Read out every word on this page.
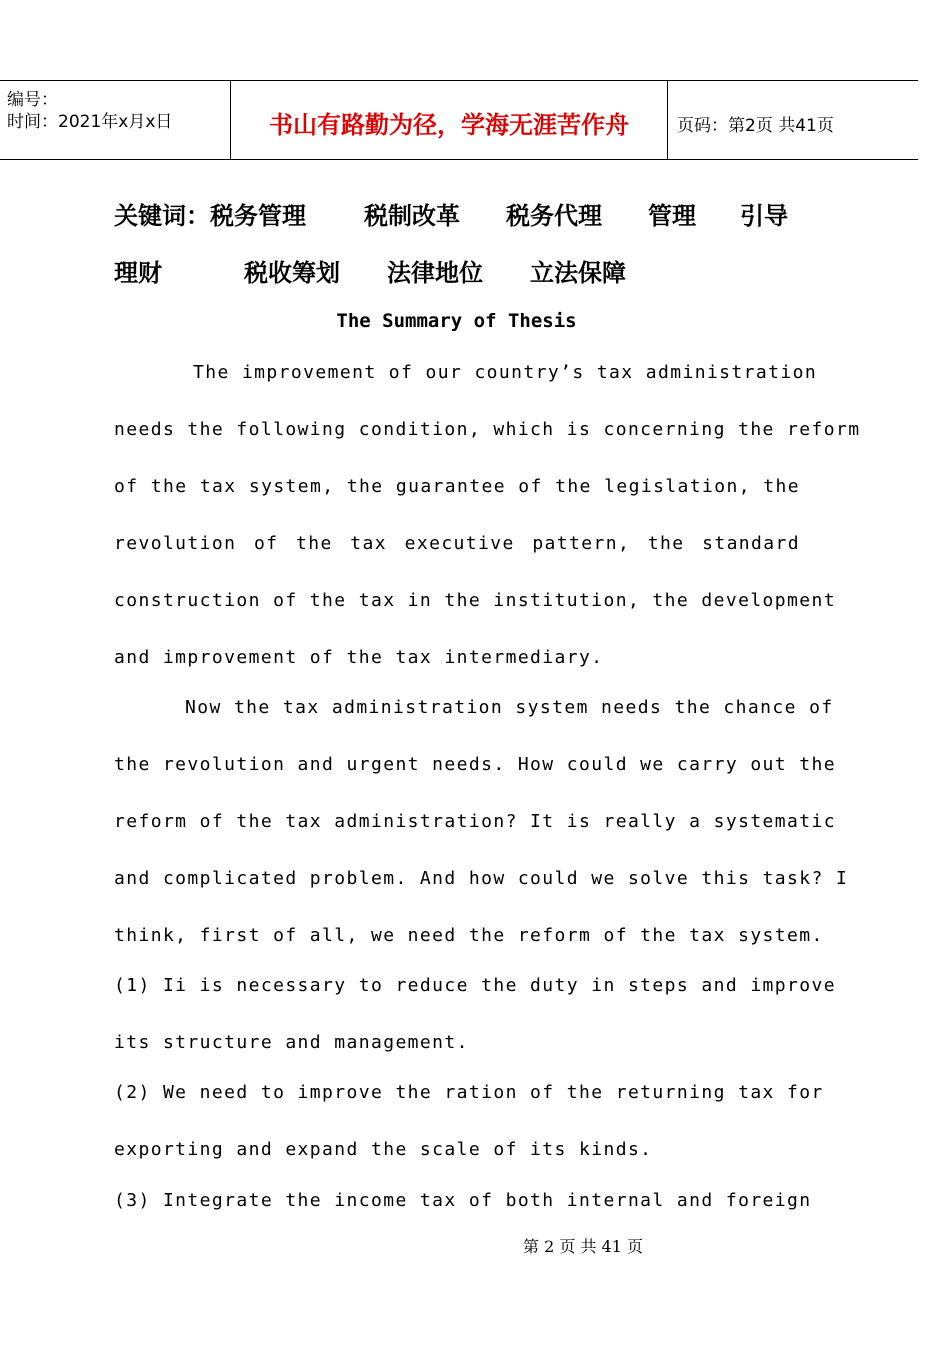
编号：
时间：2021年x月x日	书山有路勤为径，学海无涯苦作舟	页码：第2页 共41页
关键词：税务管理 税制改革 税务代理 管理 引导
理财	税收筹划 法律地位 立法保障
The Summary of Thesis
The improvement of our country’s tax administration
needs the following condition, which is concerning the reform
of the tax system, the guarantee of the legislation, the
revolution of the tax executive pattern, the standard
construction of the tax in the institution, the development
and improvement of the tax intermediary.
Now the tax administration system needs the chance of
the revolution and urgent needs. How could we carry out the
reform of the tax administration? It is really a systematic
and complicated problem. And how could we solve this task? I
think, first of all, we need the reform of the tax system.
(1) Ii is necessary to reduce the duty in steps and improve
its structure and management.
(2) We need to improve the ration of the returning tax for
exporting and expand the scale of its kinds.
(3) Integrate the income tax of both internal and foreign
第 2 页 共 41 页
